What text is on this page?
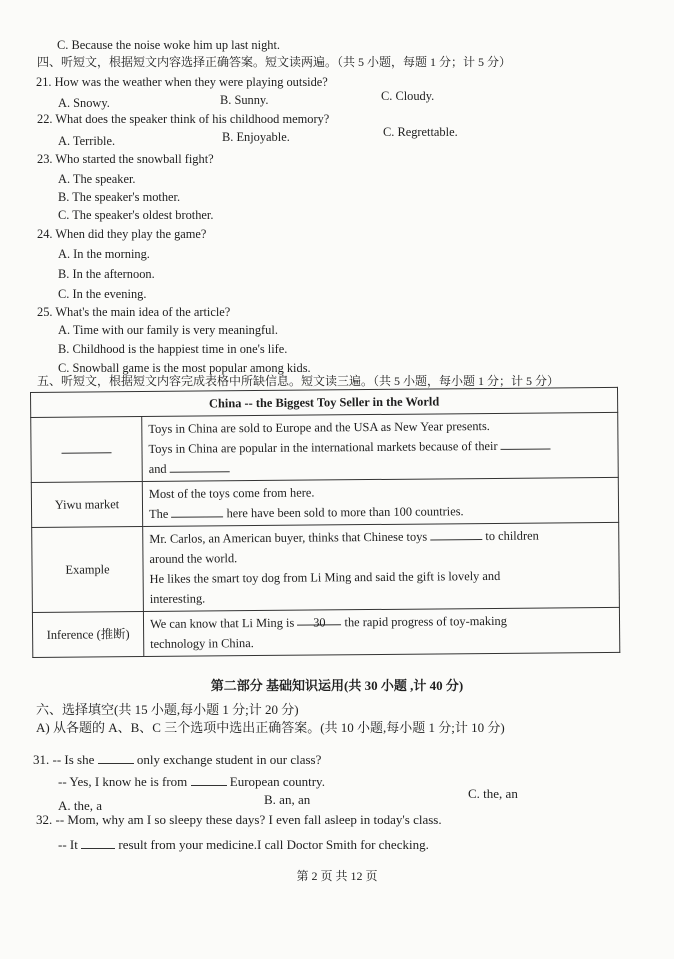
C. Because the noise woke him up last night.
四、听短文，根据短文内容选择正确答案。短文读两遍。（共 5 小题，每题 1 分；计 5 分）
21. How was the weather when they were playing outside?
A. Snowy.	B. Sunny.	C. Cloudy.
22. What does the speaker think of his childhood memory?
A. Terrible.	B. Enjoyable.	C. Regrettable.
23. Who started the snowball fight?
A. The speaker.
B. The speaker's mother.
C. The speaker's oldest brother.
24. When did they play the game?
A. In the morning.
B. In the afternoon.
C. In the evening.
25. What's the main idea of the article?
A. Time with our family is very meaningful.
B. Childhood is the happiest time in one's life.
C. Snowball game is the most popular among kids.
五、听短文，根据短文内容完成表格中所缺信息。短文读三遍。（共 5 小题，每小题 1 分；计 5 分）
China -- the Biggest Toy Seller in the World	

	Toys in China are sold to Europe and the USA as New Year presents.
Toys in China are popular in the international markets because of their
and

Yiwu market	Most of the toys come from here.
The here have been sold to more than 100 countries.

Example	Mr. Carlos, an American buyer, thinks that Chinese toys to children
around the world.
He likes the smart toy dog from Li Ming and said the gift is lovely and
interesting.

Inference (推断)	We can know that Li Ming is 30 the rapid progress of toy-making
technology in China.
第二部分 基础知识运用(共 30 小题 ,计 40 分)
六、选择填空(共 15 小题,每小题 1 分;计 20 分)
A) 从各题的 A、B、C 三个选项中选出正确答案。(共 10 小题,每小题 1 分;计 10 分)
31. -- Is she	only exchange student in our class?
-- Yes, I know he is from	European country.
A. the, a	B. an, an	C. the, an
32. -- Mom, why am I so sleepy these days? I even fall asleep in today's class.
-- It	result from your medicine.I call Doctor Smith for checking.
第 2 页 共 12 页
